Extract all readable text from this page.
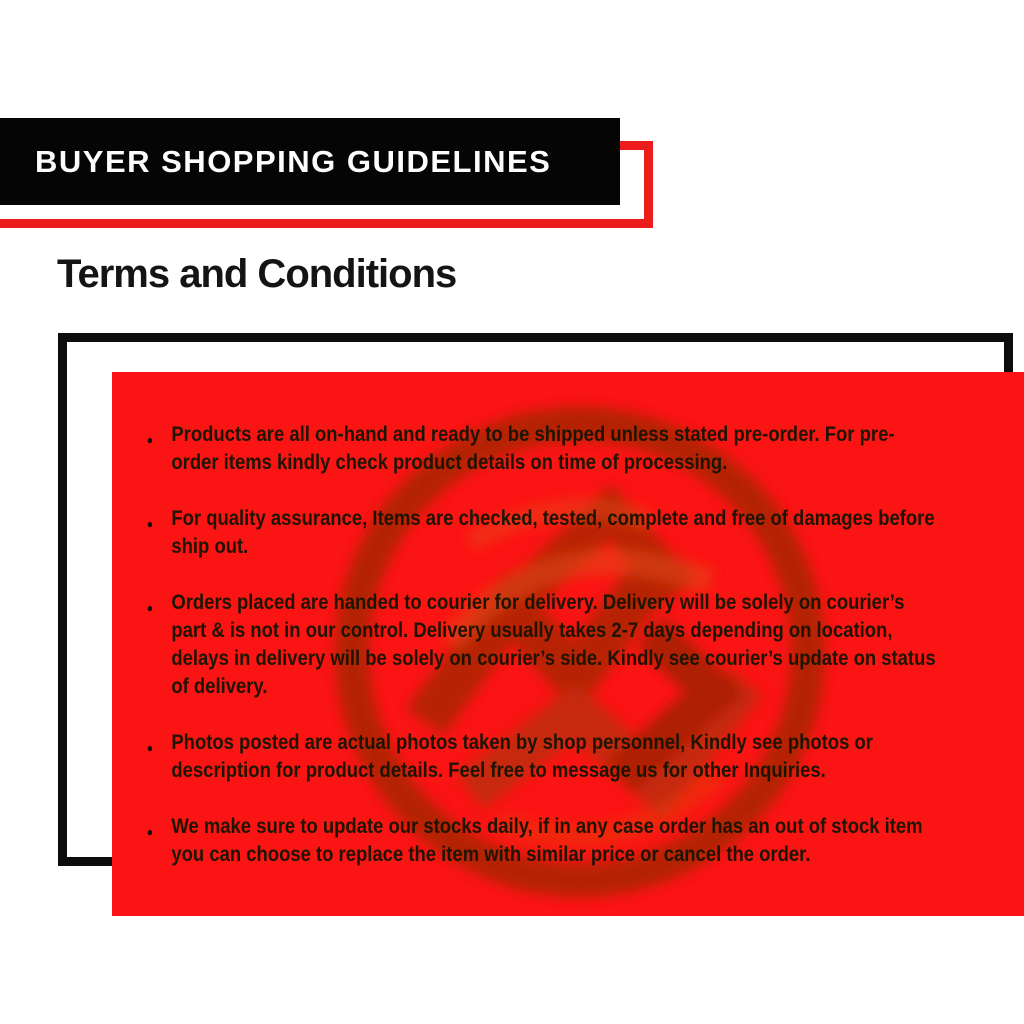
BUYER SHOPPING GUIDELINES
Terms and Conditions
● Products are all on-hand and ready to be shipped unless stated pre-order. For pre-order items kindly check product details on time of processing.
● For quality assurance, Items are checked, tested, complete and free of damages before ship out.
● Orders placed are handed to courier for delivery. Delivery will be solely on courier’s part & is not in our control. Delivery usually takes 2-7 days depending on location, delays in delivery will be solely on courier’s side. Kindly see courier’s update on status of delivery.
● Photos posted are actual photos taken by shop personnel, Kindly see photos or description for product details. Feel free to message us for other Inquiries.
● We make sure to update our stocks daily, if in any case order has an out of stock item you can choose to replace the item with similar price or cancel the order.
